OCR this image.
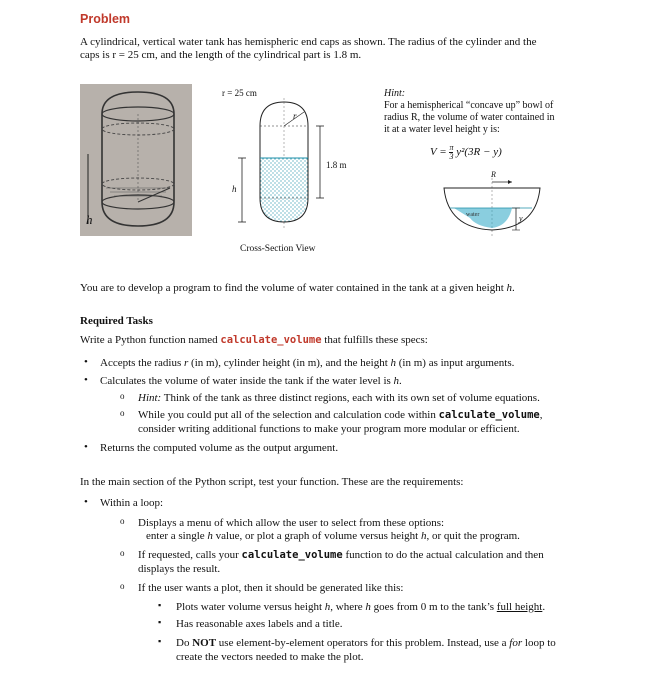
Problem
A cylindrical, vertical water tank has hemispheric end caps as shown. The radius of the cylinder and the
caps is r = 25 cm, and the length of the cylindrical part is 1.8 m.
h
r = 25 cm
r
1.8 m
h
Cross-Section View
Hint:
For a hemispherical “concave up” bowl of
radius R, the volume of water contained in
it at a water level height y is:
$V = \frac{\pi}{3} y^2(3R - y)$
R
water	y
You are to develop a program to find the volume of water contained in the tank at a given height h.
Required Tasks
Write a Python function named calculate_volume that fulfills these specs:
• Accepts the radius r (in m), cylinder height (in m), and the height h (in m) as input arguments.
• Calculates the volume of water inside the tank if the water level is h.
o Hint: Think of the tank as three distinct regions, each with its own set of volume equations.
o While you could put all of the selection and calculation code within calculate_volume,
consider writing additional functions to make your program more modular or efficient.
• Returns the computed volume as the output argument.
In the main section of the Python script, test your function. These are the requirements:
• Within a loop:
o Displays a menu of which allow the user to select from these options:
enter a single h value, or plot a graph of volume versus height h, or quit the program.
o If requested, calls your calculate_volume function to do the actual calculation and then
displays the result.
o If the user wants a plot, then it should be generated like this:
▪ Plots water volume versus height h, where h goes from 0 m to the tank’s full height.
▪ Has reasonable axes labels and a title.
▪ Do NOT use element-by-element operators for this problem. Instead, use a for loop to
create the vectors needed to make the plot.
